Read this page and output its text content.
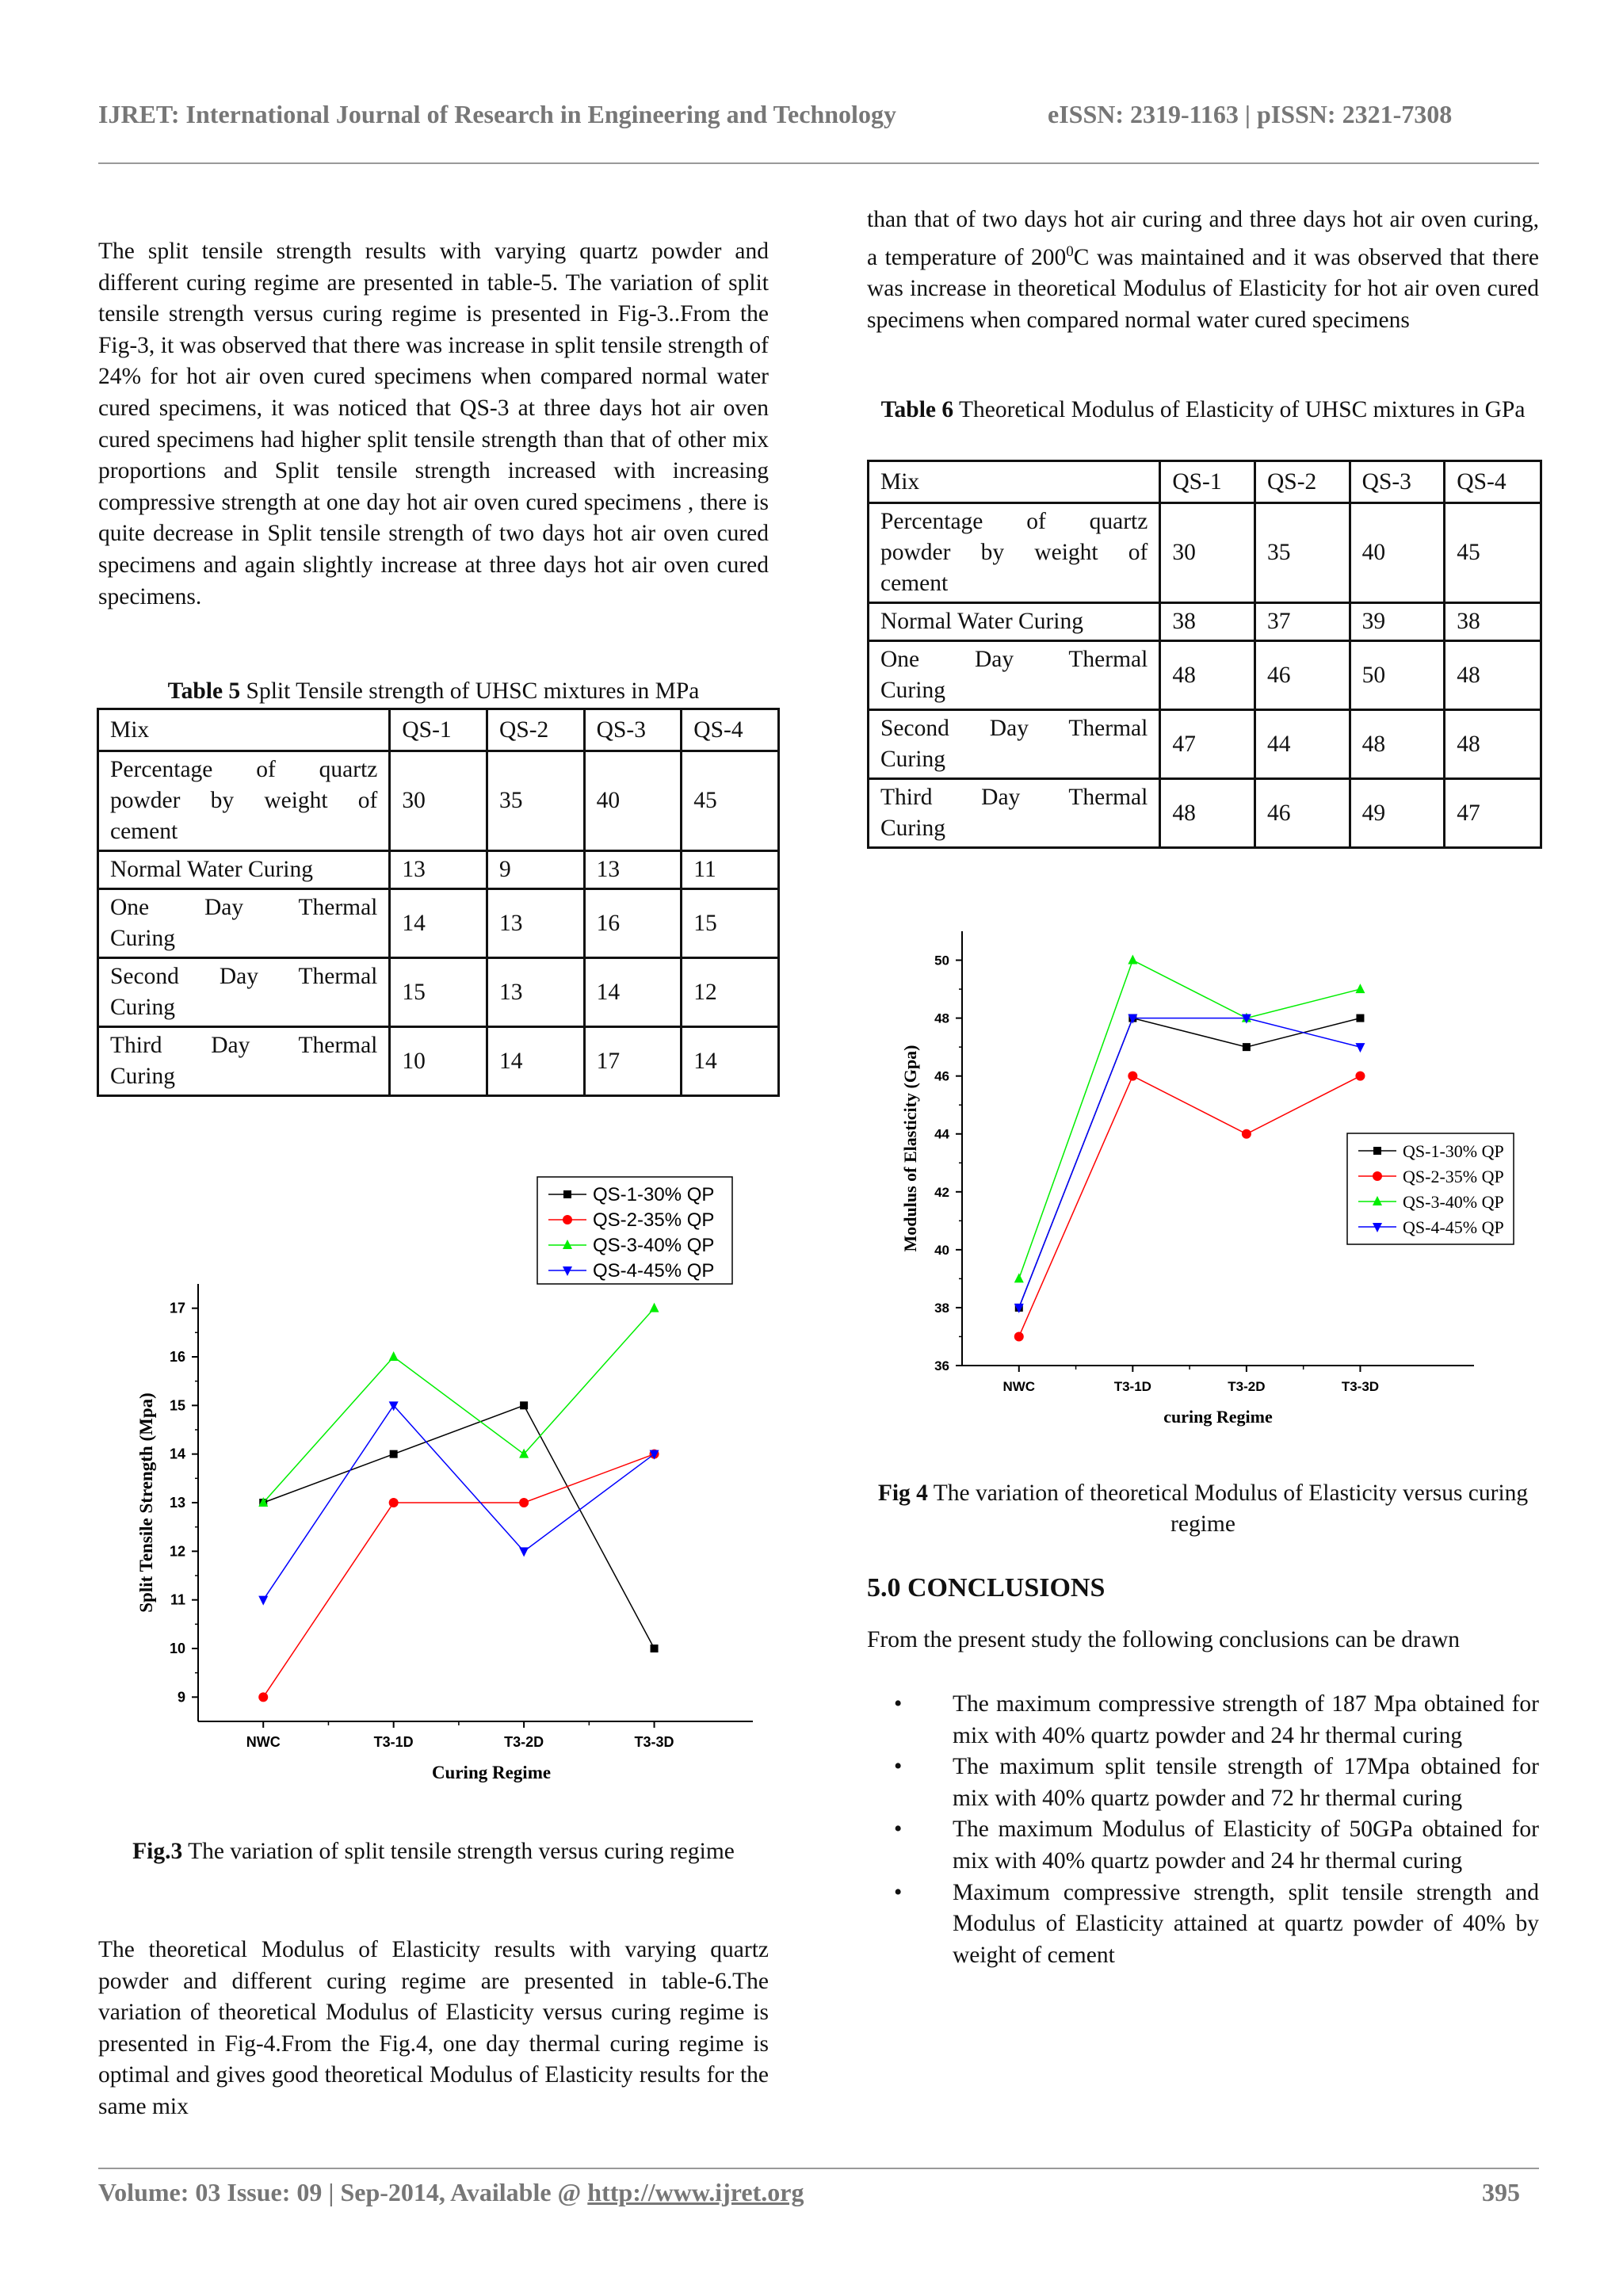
IJRET: International Journal of Research in Engineering and Technology	eISSN: 2319-1163 | pISSN: 2321-7308
The split tensile strength results with varying quartz powder and different curing regime are presented in table-5. The variation of split tensile strength versus curing regime is presented in Fig-3..From the Fig-3, it was observed that there was increase in split tensile strength of 24% for hot air oven cured specimens when compared normal water cured specimens, it was noticed that QS-3 at three days hot air oven cured specimens had higher split tensile strength than that of other mix proportions and Split tensile strength increased with increasing compressive strength at one day hot air oven cured specimens , there is quite decrease in Split tensile strength of two days hot air oven cured specimens and again slightly increase at three days hot air oven cured specimens.
Table 5 Split Tensile strength of UHSC mixtures in MPa
Mix	QS-1	QS-2	QS-3	QS-4

Percentage of quartz
powder by weight of
cement	30	35	40	45

Normal Water Curing	13	9	13	11

One Day Thermal
Curing	14	13	16	15

Second Day Thermal
Curing	15	13	14	12

Third Day Thermal
Curing	10	14	17	14
9
10
11
12
13
14
15
16
17
NWC	T3-1D	T3-2D	T3-3D
Curing Regime
Split Tensile Strength (Mpa)
QS-1-30% QP
QS-2-35% QP
QS-3-40% QP
QS-4-45% QP
Fig.3 The variation of split tensile strength versus curing regime
The theoretical Modulus of Elasticity results with varying quartz powder and different curing regime are presented in table-6.The variation of theoretical Modulus of Elasticity versus curing regime is presented in Fig-4.From the Fig.4, one day thermal curing regime is optimal and gives good theoretical Modulus of Elasticity results for the same mix
than that of two days hot air curing and three days hot air oven curing, a temperature of $200^0C$ was maintained and it was observed that there was increase in theoretical Modulus of Elasticity for hot air oven cured specimens when compared normal water cured specimens
Table 6 Theoretical Modulus of Elasticity of UHSC mixtures in GPa
Mix	QS-1	QS-2	QS-3	QS-4

Percentage of quartz
powder by weight of
cement	30	35	40	45

Normal Water Curing	38	37	39	38

One Day Thermal
Curing	48	46	50	48

Second Day Thermal
Curing	47	44	48	48

Third Day Thermal
Curing	48	46	49	47
36
38
40
42
44
46
48
50
NWC	T3-1D	T3-2D	T3-3D
curing Regime
Modulus of Elasticity (Gpa)	QS-1-30% QP
QS-2-35% QP
QS-3-40% QP
QS-4-45% QP
Fig 4 The variation of theoretical Modulus of Elasticity versus curing regime
5.0 CONCLUSIONS
From the present study the following conclusions can be drawn
• The maximum compressive strength of 187 Mpa obtained for mix with 40% quartz powder and 24 hr thermal curing
• The maximum split tensile strength of 17Mpa obtained for mix with 40% quartz powder and 72 hr thermal curing
• The maximum Modulus of Elasticity of 50GPa obtained for mix with 40% quartz powder and 24 hr thermal curing
• Maximum compressive strength, split tensile strength and Modulus of Elasticity attained at quartz powder of 40% by weight of cement
Volume: 03 Issue: 09 | Sep-2014, Available @ http://www.ijret.org	395
